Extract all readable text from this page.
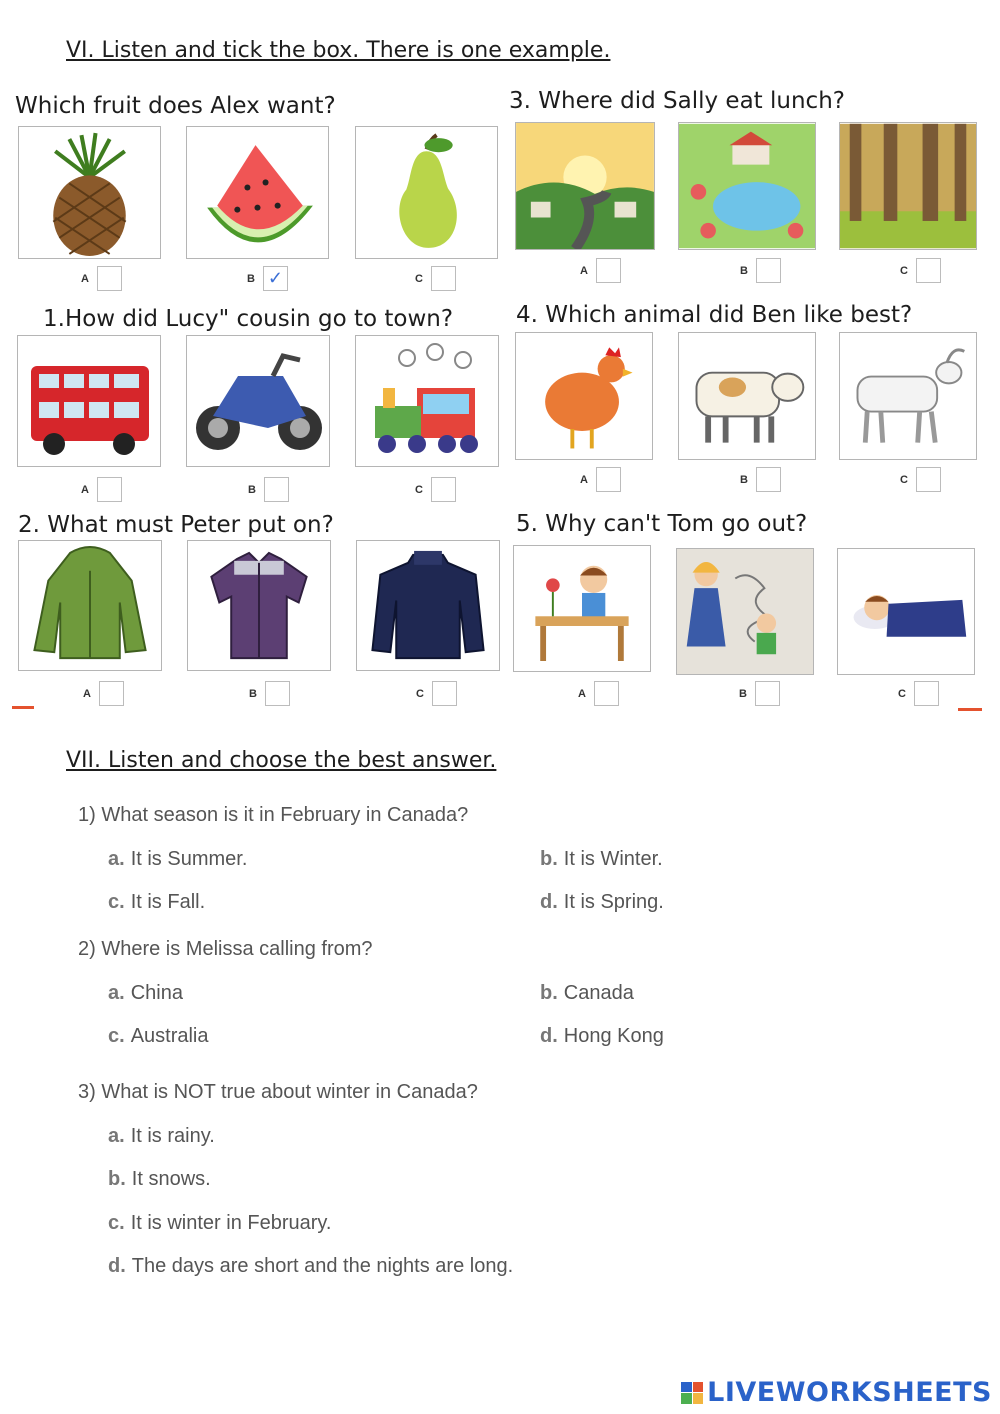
VI. Listen and tick the box. There is one example.
Which fruit does Alex want?
A	B ✓	C
3. Where did Sally eat lunch?
A	B	C
1.How did Lucy" cousin go to town?
A	B	C
4. Which animal did Ben like best?
A	B	C
2. What must Peter put on?
A	B	C
5. Why can't Tom go out?
A	B	C
VII. Listen and choose the best answer.
1) What season is it in February in Canada?
a. It is Summer.	b. It is Winter.
c. It is Fall.	d. It is Spring.
2) Where is Melissa calling from?
a. China	b. Canada
c. Australia	d. Hong Kong
3) What is NOT true about winter in Canada?
a. It is rainy.
b. It snows.
c. It is winter in February.
d. The days are short and the nights are long.
LIVEWORKSHEETS
